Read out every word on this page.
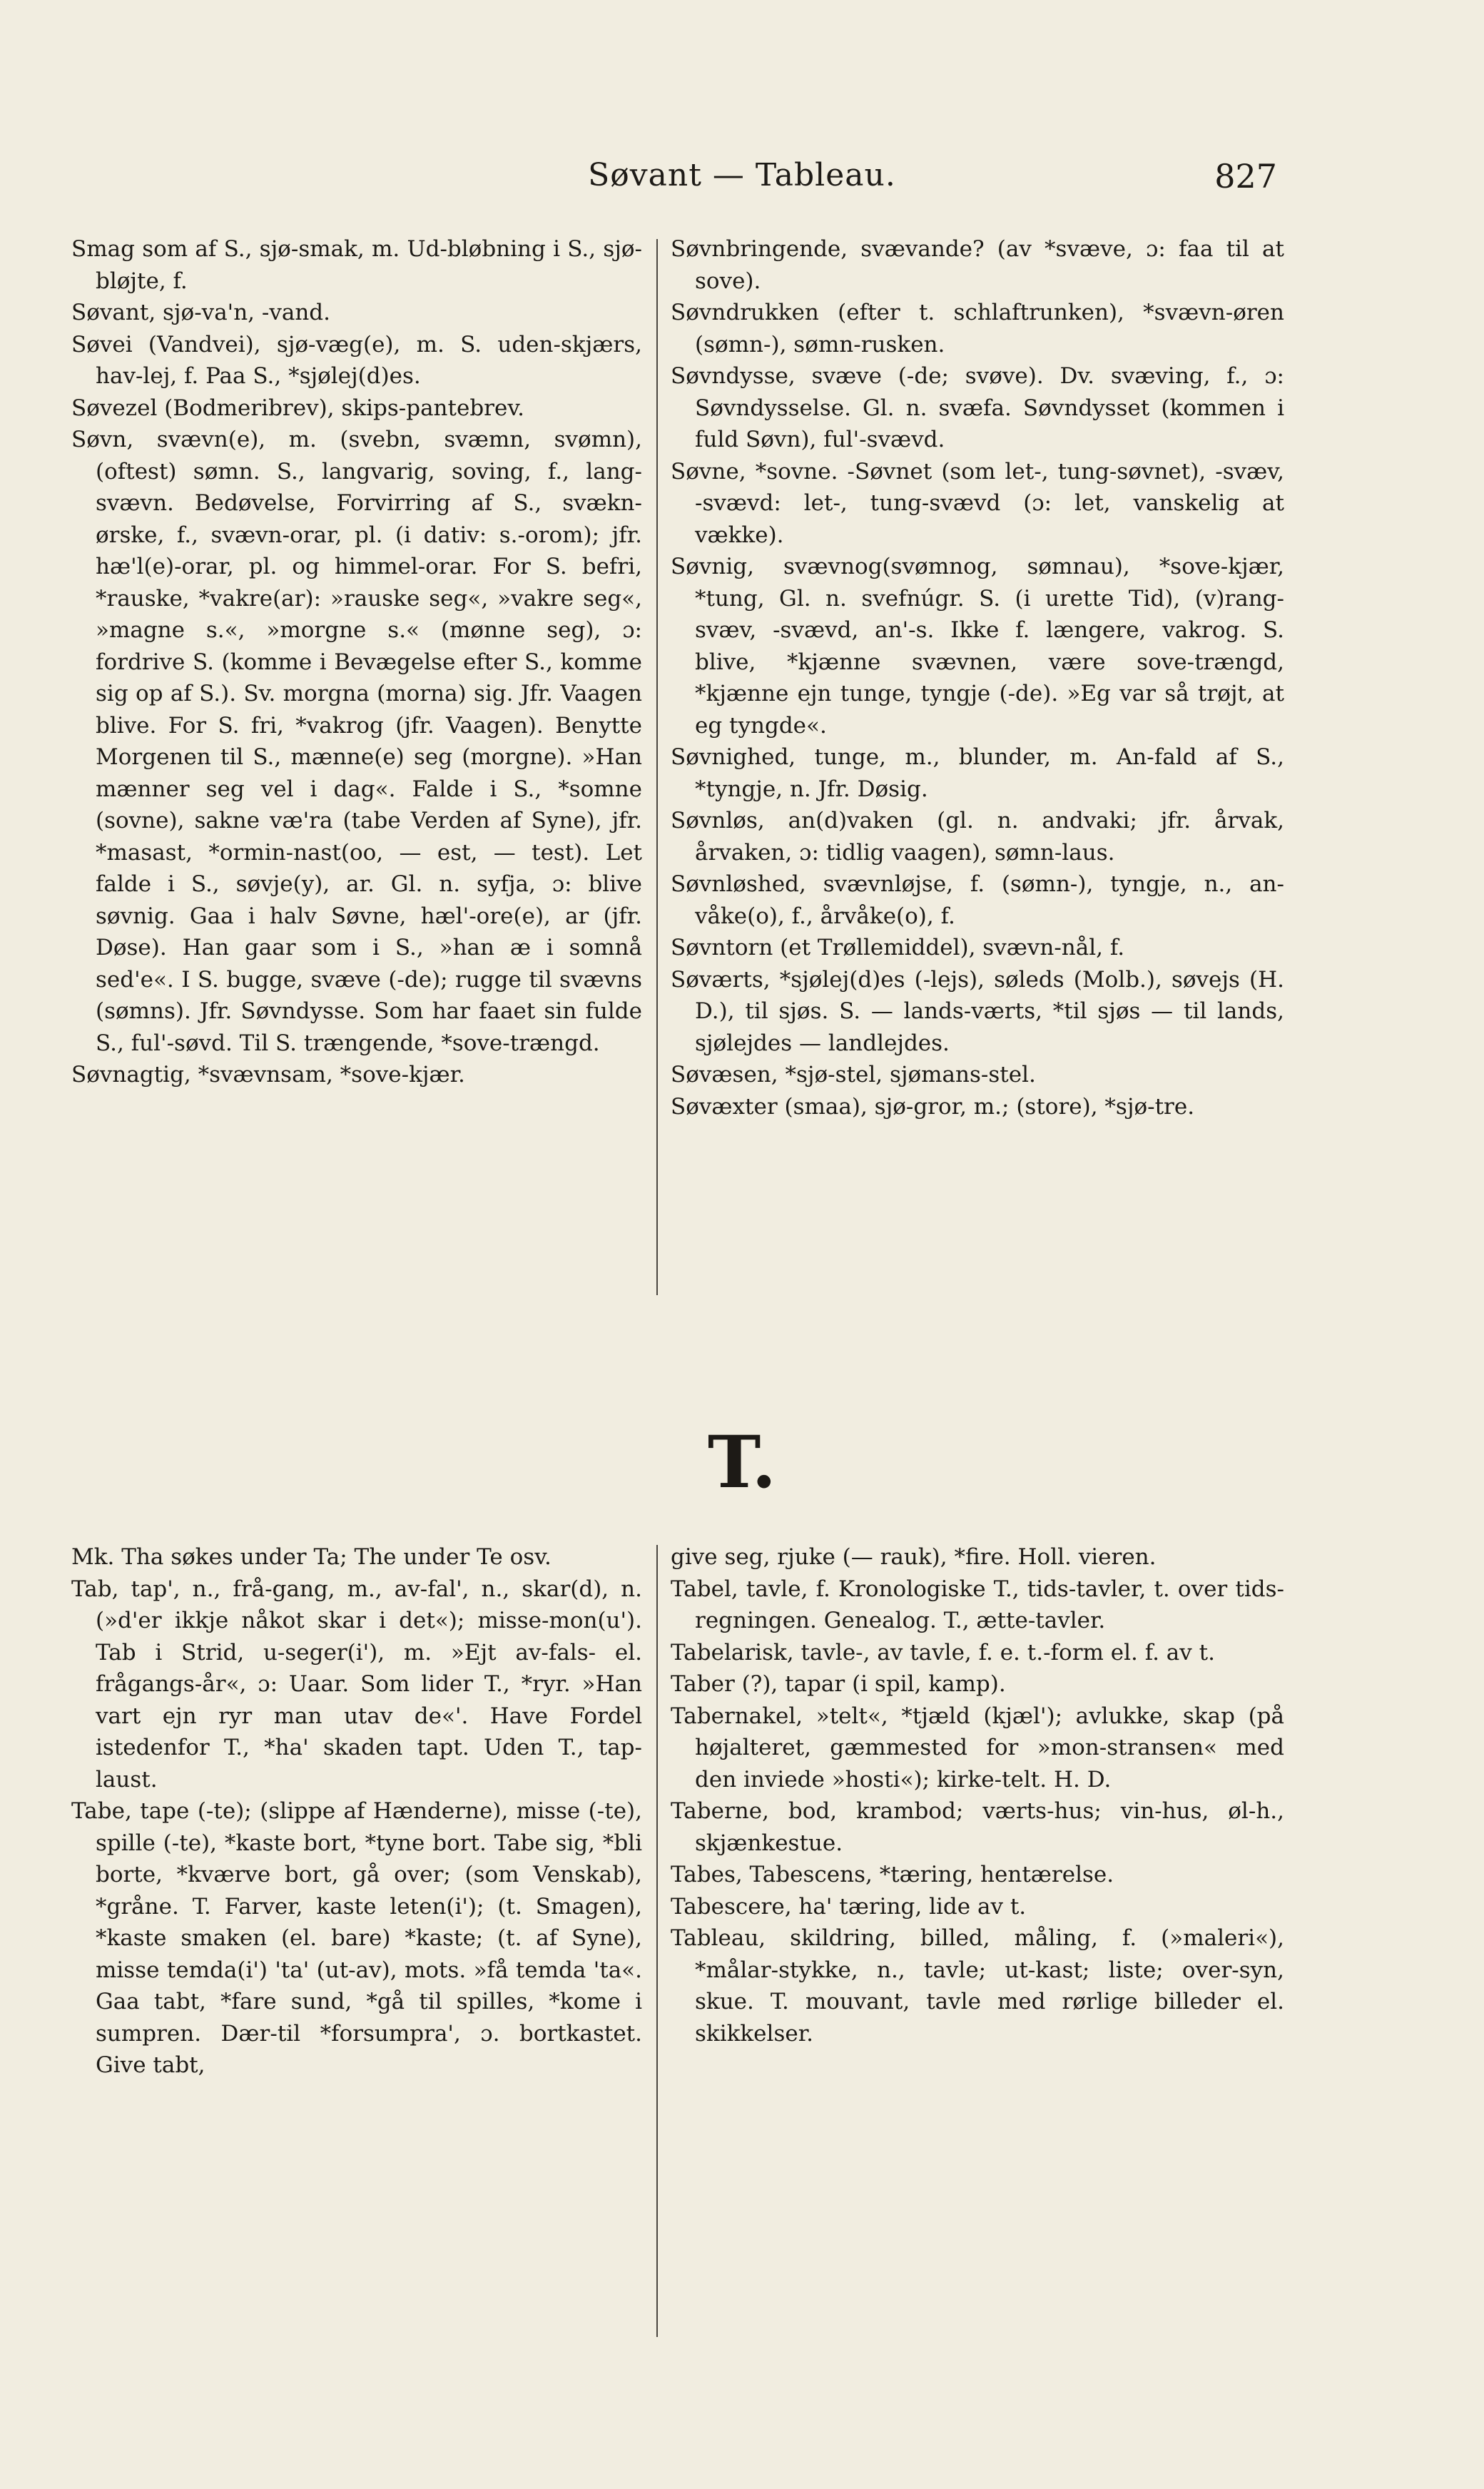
Søvant — Tableau.	827

Smag som af S., sjø-smak, m. Ud-bløbning i S., sjø-bløjte, f.

Søvant, sjø-va'n, -vand.

Søvei (Vandvei), sjø-væg(e), m. S. uden-skjærs, hav-lej, f. Paa S., *sjølej(d)es.

Søvezel (Bodmeribrev), skips-pantebrev.

Søvn, svævn(e), m. (svebn, svæmn, svømn), (oftest) sømn. S., langvarig, soving, f., lang-svævn. Bedøvelse, Forvirring af S., svækn-ørske, f., svævn-orar, pl. (i dativ: s.-orom); jfr. hæ'l(e)-orar, pl. og himmel-orar. For S. befri, *rauske, *vakre(ar): »rauske seg«, »vakre seg«, »magne s.«, »morgne s.« (mønne seg), ɔ: fordrive S. (komme i Bevægelse efter S., komme sig op af S.). Sv. morgna (morna) sig. Jfr. Vaagen blive. For S. fri, *vakrog (jfr. Vaagen). Benytte Morgenen til S., mænne(e) seg (morgne). »Han mænner seg vel i dag«. Falde i S., *somne (sovne), sakne væ'ra (tabe Verden af Syne), jfr. *masast, *ormin-nast(oo, — est, — test). Let falde i S., søvje(y), ar. Gl. n. syfja, ɔ: blive søvnig. Gaa i halv Søvne, hæl'-ore(e), ar (jfr. Døse). Han gaar som i S., »han æ i somnå sed'e«. I S. bugge, svæve (-de); rugge til svævns (sømns). Jfr. Søvndysse. Som har faaet sin fulde S., ful'-søvd. Til S. trængende, *sove-trængd.

Søvnagtig, *svævnsam, *sove-kjær.

Søvnbringende, svævande? (av *svæve, ɔ: faa til at sove).

Søvndrukken (efter t. schlaftrunken), *svævn-øren (sømn-), sømn-rusken.

Søvndysse, svæve (-de; svøve). Dv. svæving, f., ɔ: Søvndysselse. Gl. n. svæfa. Søvndysset (kommen i fuld Søvn), ful'-svævd.

Søvne, *sovne. -Søvnet (som let-, tung-søvnet), -svæv, -svævd: let-, tung-svævd (ɔ: let, vanskelig at vække).

Søvnig, svævnog(svømnog, sømnau), *sove-kjær, *tung, Gl. n. svefnúgr. S. (i urette Tid), (v)rang-svæv, -svævd, an'-s. Ikke f. længere, vakrog. S. blive, *kjænne svævnen, være sove-trængd, *kjænne ejn tunge, tyngje (-de). »Eg var så trøjt, at eg tyngde«.

Søvnighed, tunge, m., blunder, m. An-fald af S., *tyngje, n. Jfr. Døsig.

Søvnløs, an(d)vaken (gl. n. andvaki; jfr. årvak, årvaken, ɔ: tidlig vaagen), sømn-laus.

Søvnløshed, svævnløjse, f. (sømn-), tyngje, n., an-våke(o), f., årvåke(o), f.

Søvntorn (et Trøllemiddel), svævn-nål, f.

Søværts, *sjølej(d)es (-lejs), søleds (Molb.), søvejs (H. D.), til sjøs. S. — lands-værts, *til sjøs — til lands, sjølejdes — landlejdes.

Søvæsen, *sjø-stel, sjømans-stel.

Søvæxter (smaa), sjø-gror, m.; (store), *sjø-tre.

T.

Mk. Tha søkes under Ta; The under Te osv.

Tab, tap', n., frå-gang, m., av-fal', n., skar(d), n. (»d'er ikkje nåkot skar i det«); misse-mon(u'). Tab i Strid, u-seger(i'), m. »Ejt av-fals- el. frågangs-år«, ɔ: Uaar. Som lider T., *ryr. »Han vart ejn ryr man utav de«'. Have Fordel istedenfor T., *ha' skaden tapt. Uden T., tap-laust.

Tabe, tape (-te); (slippe af Hænderne), misse (-te), spille (-te), *kaste bort, *tyne bort. Tabe sig, *bli borte, *kværve bort, gå over; (som Venskab), *gråne. T. Farver, kaste leten(i'); (t. Smagen), *kaste smaken (el. bare) *kaste; (t. af Syne), misse temda(i') 'ta' (ut-av), mots. »få temda 'ta«. Gaa tabt, *fare sund, *gå til spilles, *kome i sumpren. Dær-til *forsumpra', ɔ. bortkastet. Give tabt,

give seg, rjuke (— rauk), *fire. Holl. vieren.

Tabel, tavle, f. Kronologiske T., tids-tavler, t. over tids-regningen. Genealog. T., ætte-tavler.

Tabelarisk, tavle-, av tavle, f. e. t.-form el. f. av t.

Taber (?), tapar (i spil, kamp).

Tabernakel, »telt«, *tjæld (kjæl'); avlukke, skap (på højalteret, gæmmested for »mon-stransen« med den inviede »hosti«); kirke-telt. H. D.

Taberne, bod, krambod; værts-hus; vin-hus, øl-h., skjænkestue.

Tabes, Tabescens, *tæring, hentærelse.

Tabescere, ha' tæring, lide av t.

Tableau, skildring, billed, måling, f. (»maleri«), *målar-stykke, n., tavle; ut-kast; liste; over-syn, skue. T. mouvant, tavle med rørlige billeder el. skikkelser.
